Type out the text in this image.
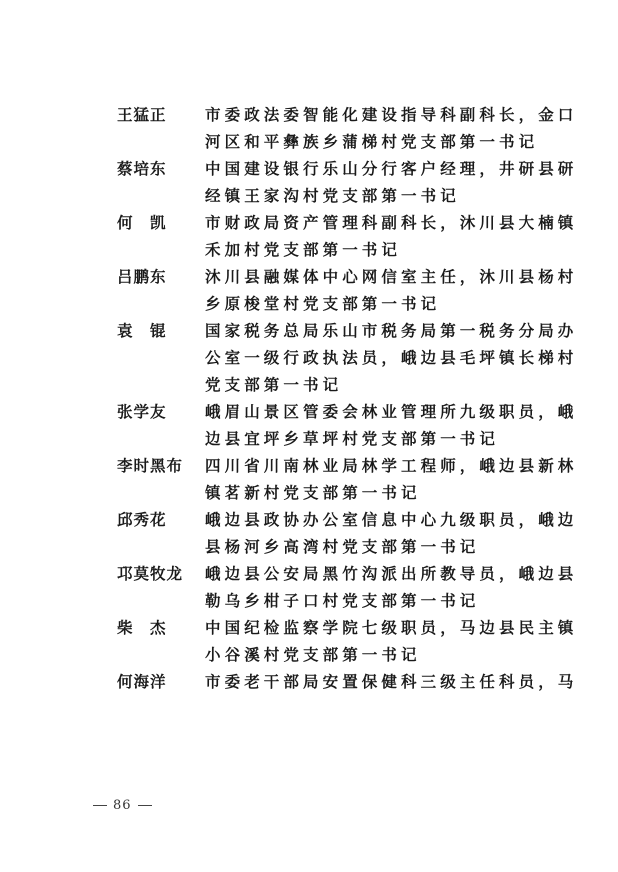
王猛正	市委政法委智能化建设指导科副科长，金口
河区和平彝族乡蒲梯村党支部第一书记
蔡培东	中国建设银行乐山分行客户经理，井研县研
经镇王家沟村党支部第一书记
何　凯	市财政局资产管理科副科长，沐川县大楠镇
禾加村党支部第一书记
吕鹏东	沐川县融媒体中心网信室主任，沐川县杨村
乡原梭堂村党支部第一书记
袁　锟	国家税务总局乐山市税务局第一税务分局办
公室一级行政执法员，峨边县毛坪镇长梯村
党支部第一书记
张学友	峨眉山景区管委会林业管理所九级职员，峨
边县宜坪乡草坪村党支部第一书记
李时黑布	四川省川南林业局林学工程师，峨边县新林
镇茗新村党支部第一书记
邱秀花	峨边县政协办公室信息中心九级职员，峨边
县杨河乡高湾村党支部第一书记
邛莫牧龙	峨边县公安局黑竹沟派出所教导员，峨边县
勒乌乡柑子口村党支部第一书记
柴　杰	中国纪检监察学院七级职员，马边县民主镇
小谷溪村党支部第一书记
何海洋	市委老干部局安置保健科三级主任科员，马
86
